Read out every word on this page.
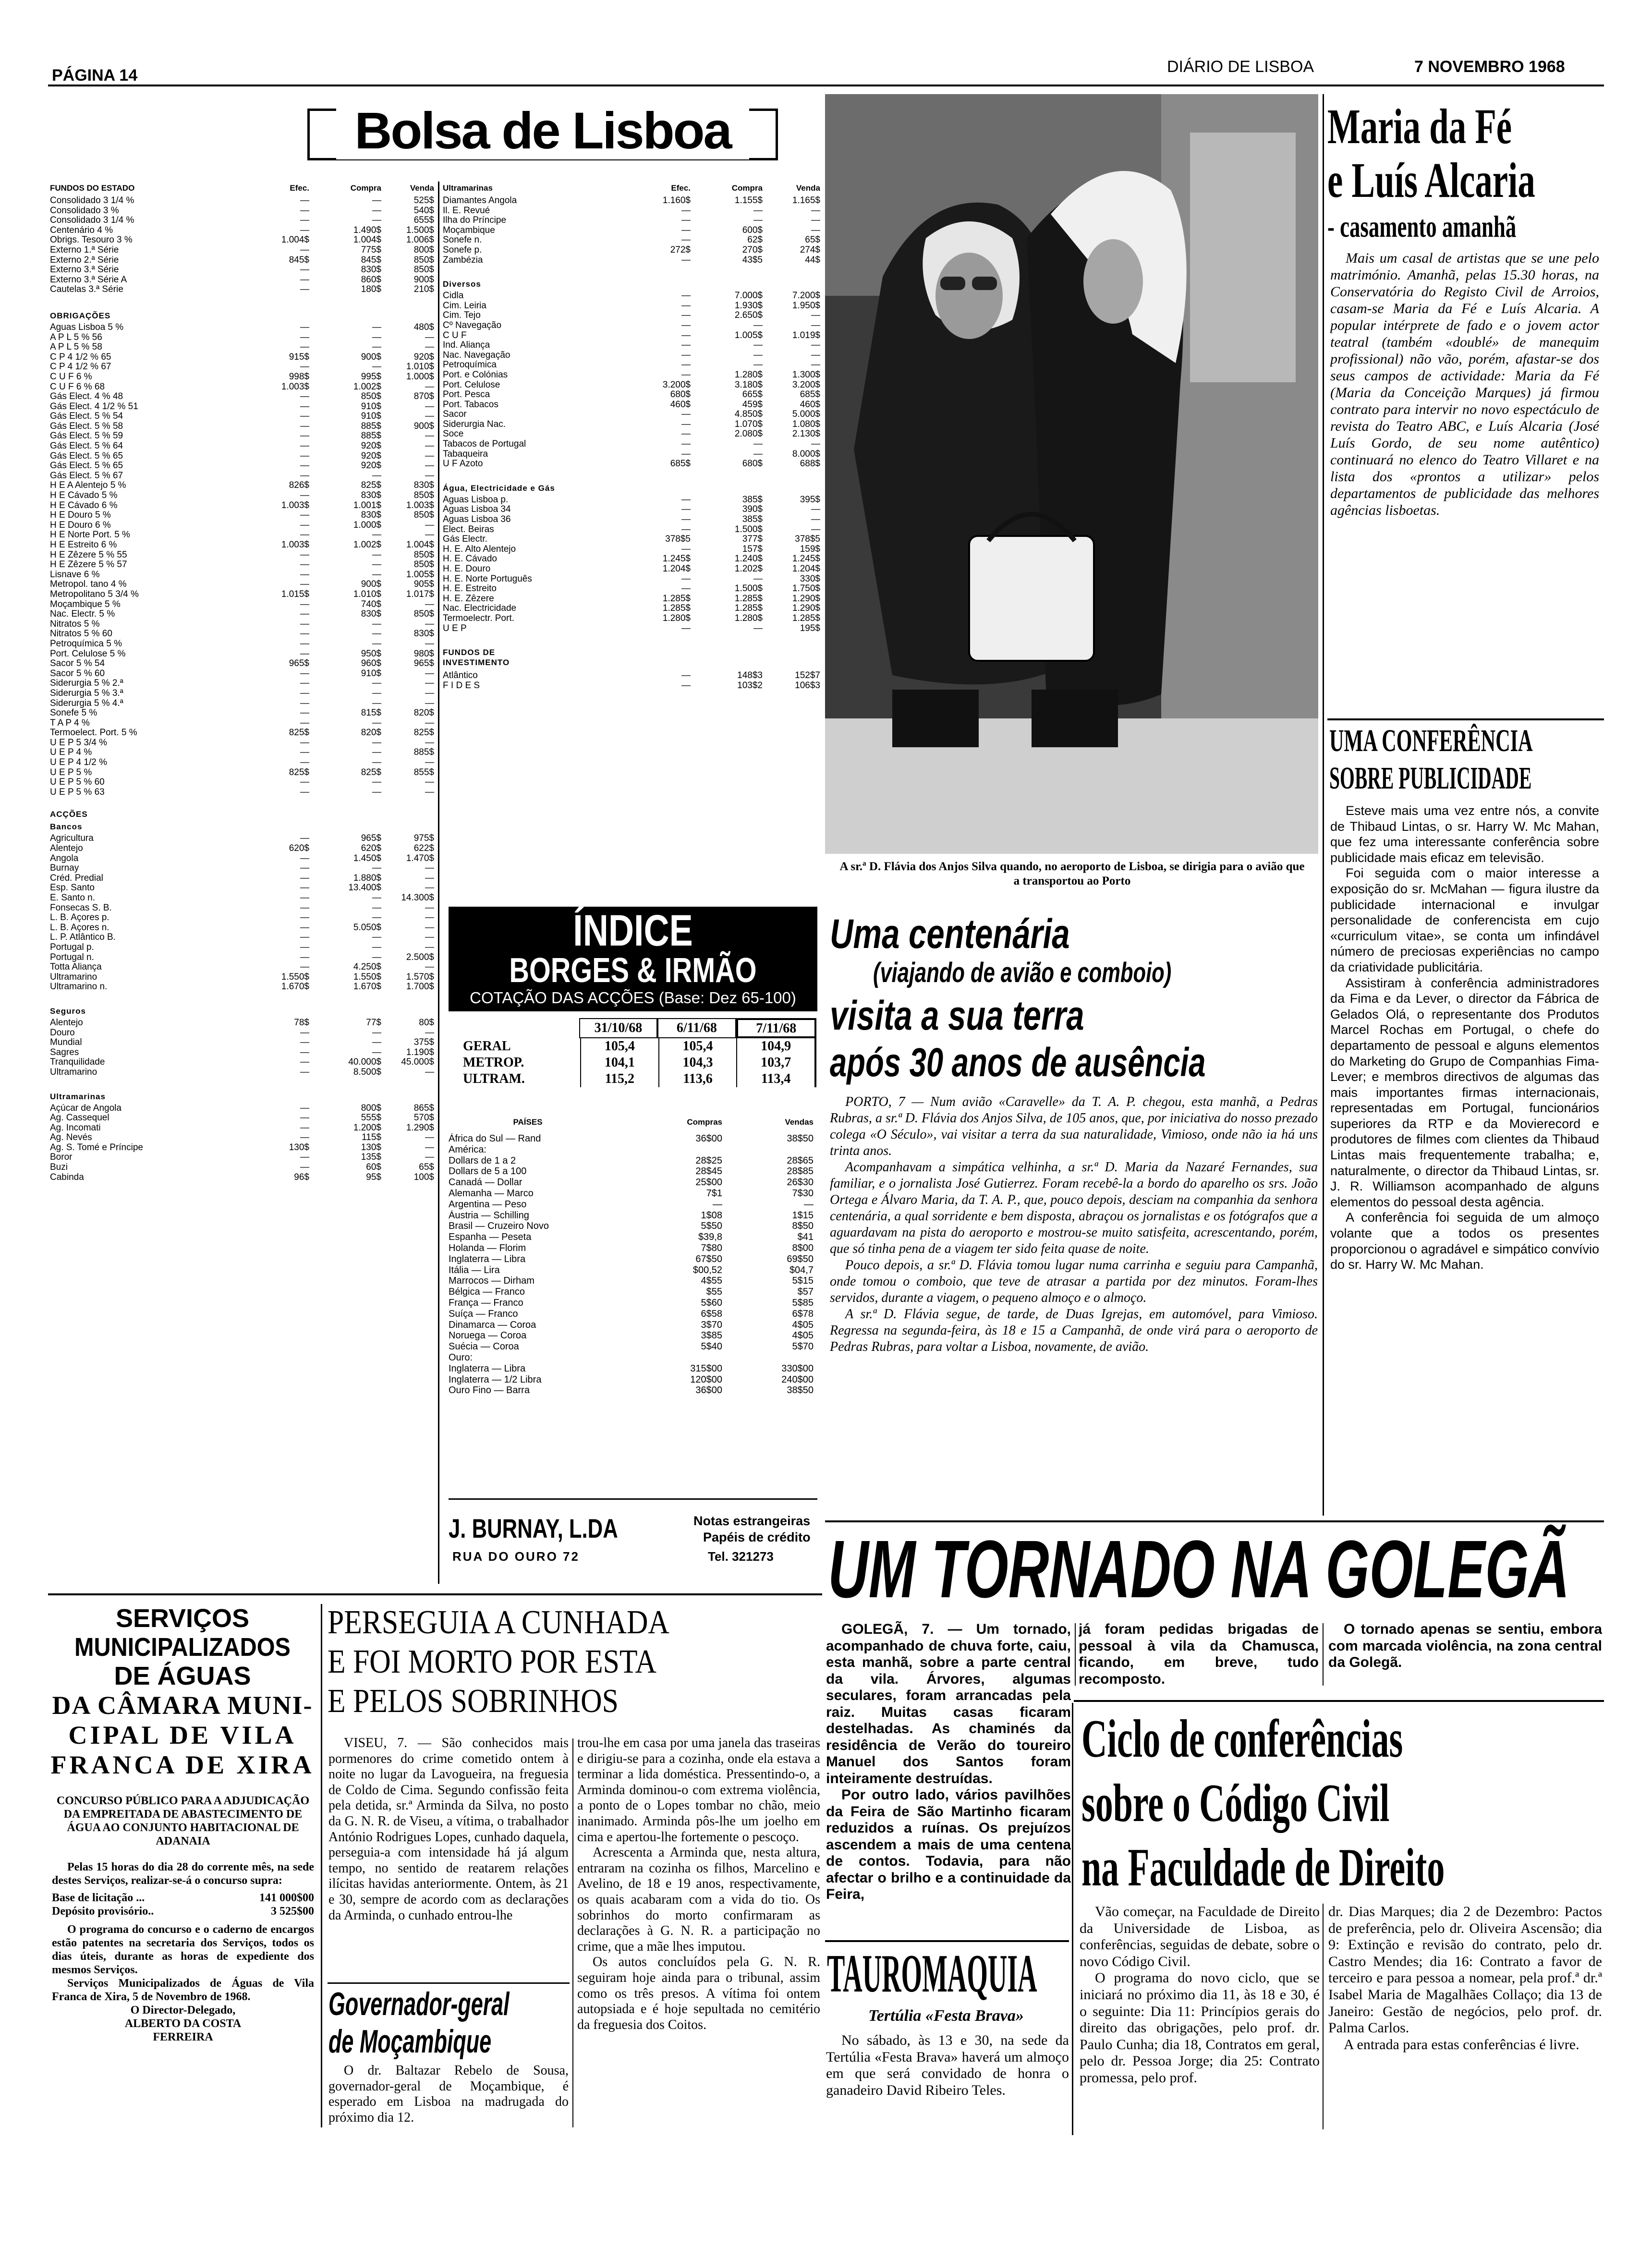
PÁGINA 14	DIÁRIO DE LISBOA	7 NOVEMBRO 1968
Bolsa de Lisboa
FUNDOS DO ESTADO	Efec.	Compra	Venda
Consolidado 3 1/4 %	—	—	525$
Consolidado 3 %	—	—	540$
Consolidado 3 1/4 %	—	—	655$
Centenário 4 %	—	1.490$	1.500$
Obrigs. Tesouro 3 %	1.004$	1.004$	1.006$
Externo 1.ª Série	—	775$	800$
Externo 2.ª Série	845$	845$	850$
Externo 3.ª Série	—	830$	850$
Externo 3.ª Série A	—	860$	900$
Cautelas 3.ª Série	—	180$	210$
OBRIGAÇÕES
Águas Lisboa 5 %	—	—	480$
A P L 5 % 56	—	—	—
A P L 5 % 58	—	—	—
C P 4 1/2 % 65	915$	900$	920$
C P 4 1/2 % 67	—	—	1.010$
C U F 6 %	998$	995$	1.000$
C U F 6 % 68	1.003$	1.002$	—
Gás Elect. 4 % 48	—	850$	870$
Gás Elect. 4 1/2 % 51	—	910$	—
Gás Elect. 5 % 54	—	910$	—
Gás Elect. 5 % 58	—	885$	900$
Gás Elect. 5 % 59	—	885$	—
Gás Elect. 5 % 64	—	920$	—
Gás Elect. 5 % 65	—	920$	—
Gás Elect. 5 % 65	—	920$	—
Gás Elect. 5 % 67	—	—	—
H E A Alentejo 5 %	826$	825$	830$
H E Cávado 5 %	—	830$	850$
H E Cávado 6 %	1.003$	1.001$	1.003$
H E Douro 5 %	—	830$	850$
H E Douro 6 %	—	1.000$	—
H E Norte Port. 5 %	—	—	—
H E Estreito 6 %	1.003$	1.002$	1.004$
H E Zêzere 5 % 55	—	—	850$
H E Zêzere 5 % 57	—	—	850$
Lisnave 6 %	—	—	1.005$
Metropol. tano 4 %	—	900$	905$
Metropolitano 5 3/4 %	1.015$	1.010$	1.017$
Moçambique 5 %	—	740$	—
Nac. Electr. 5 %	—	830$	850$
Nitratos 5 %	—	—	—
Nitratos 5 % 60	—	—	830$
Petroquímica 5 %	—	—	—
Port. Celulose 5 %	—	950$	980$
Sacor 5 % 54	965$	960$	965$
Sacor 5 % 60	—	910$	—
Siderurgia 5 % 2.ª	—	—	—
Siderurgia 5 % 3.ª	—	—	—
Siderurgia 5 % 4.ª	—	—	—
Sonefe 5 %	—	815$	820$
T A P 4 %	—	—	—
Termoelect. Port. 5 %	825$	820$	825$
U E P 5 3/4 %	—	—	—
U E P 4 %	—	—	885$
U E P 4 1/2 %	—	—	—
U E P 5 %	825$	825$	855$
U E P 5 % 60	—	—	—
U E P 5 % 63	—	—	—
ACÇÕES
Bancos
Agricultura	—	965$	975$
Alentejo	620$	620$	622$
Angola	—	1.450$	1.470$
Burnay	—	—	—
Créd. Predial	—	1.880$	—
Esp. Santo	—	13.400$	—
E. Santo n.	—	—	14.300$
Fonsecas S. B.	—	—	—
L. B. Açores p.	—	—	—
L. B. Açores n.	—	5.050$	—
L. P. Atlântico B.	—	—	—
Portugal p.	—	—	—
Portugal n.	—	—	2.500$
Totta Aliança	—	4.250$	—
Ultramarino	1.550$	1.550$	1.570$
Ultramarino n.	1.670$	1.670$	1.700$
Seguros
Alentejo	78$	77$	80$
Douro	—	—	—
Mundial	—	—	375$
Sagres	—	—	1.190$
Tranquilidade	—	40.000$	45.000$
Ultramarino	—	8.500$	—
Ultramarinas
Açúcar de Angola	—	800$	865$
Ag. Cassequel	—	555$	570$
Ag. Incomati	—	1.200$	1.290$
Ag. Nevés	—	115$	—
Ag. S. Tomé e Príncipe	130$	130$	—
Boror	—	135$	—
Buzi	—	60$	65$
Cabinda	96$	95$	100$
Ultramarinas	Efec.	Compra	Venda
Diamantes Angola	1.160$	1.155$	1.165$
Il. E. Revué	—	—	—
Ilha do Príncipe	—	—	—
Moçambique	—	600$	—
Sonefe n.	—	62$	65$
Sonefe p.	272$	270$	274$
Zambézia	—	43$5	44$
Diversos
Cidla	—	7.000$	7.200$
Cim. Leiria	—	1.930$	1.950$
Cim. Tejo	—	2.650$	—
Cº Navegação	—	—	—
C U F	—	1.005$	1.019$
Ind. Aliança	—	—	—
Nac. Navegação	—	—	—
Petroquímica	—	—	—
Port. e Colónias	—	1.280$	1.300$
Port. Celulose	3.200$	3.180$	3.200$
Port. Pesca	680$	665$	685$
Port. Tabacos	460$	459$	460$
Sacor	—	4.850$	5.000$
Siderurgia Nac.	—	1.070$	1.080$
Soce	—	2.080$	2.130$
Tabacos de Portugal	—	—	—
Tabaqueira	—	—	8.000$
U F Azoto	685$	680$	688$
Água, Electricidade e Gás
Águas Lisboa p.	—	385$	395$
Águas Lisboa 34	—	390$	—
Águas Lisboa 36	—	385$	—
Elect. Beiras	—	1.500$	—
Gás Electr.	378$5	377$	378$5
H. E. Alto Alentejo	—	157$	159$
H. E. Cávado	1.245$	1.240$	1.245$
H. E. Douro	1.204$	1.202$	1.204$
H. E. Norte Português	—	—	330$
H. E. Estreito	—	1.500$	1.750$
H. E. Zêzere	1.285$	1.285$	1.290$
Nac. Electricidade	1.285$	1.285$	1.290$
Termoelectr. Port.	1.280$	1.280$	1.285$
U E P	—	—	195$
FUNDOS DE INVESTIMENTO
Atlântico	—	148$3	152$7
F I D E S	—	103$2	106$3
ÍNDICE
BORGES & IRMÃO
COTAÇÃO DAS ACÇÕES (Base: Dez 65-100)
31/10/68	6/11/68	7/11/68
GERAL	105,4	105,4	104,9
METROP.	104,1	104,3	103,7
ULTRAM.	115,2	113,6	113,4
PAÍSES	Compras	Vendas
África do Sul — Rand	36$00	38$50
América:
Dollars de 1 a 2	28$25	28$65
Dollars de 5 a 100	28$45	28$85
Canadá — Dollar	25$00	26$30
Alemanha — Marco	7$1	7$30
Argentina — Peso	—	—
Áustria — Schilling	1$08	1$15
Brasil — Cruzeiro Novo	5$50	8$50
Espanha — Peseta	$39,8	$41
Holanda — Florim	7$80	8$00
Inglaterra — Libra	67$50	69$50
Itália — Lira	$00,52	$04,7
Marrocos — Dirham	4$55	5$15
Bélgica — Franco	$55	$57
França — Franco	5$60	5$85
Suíça — Franco	6$58	6$78
Dinamarca — Coroa	3$70	4$05
Noruega — Coroa	3$85	4$05
Suécia — Coroa	5$40	5$70
Ouro:
Inglaterra — Libra	315$00	330$00
Inglaterra — 1/2 Libra	120$00	240$00
Ouro Fino — Barra	36$00	38$50
J. BURNAY, L.DA
RUA DO OURO 72
Notas estrangeiras
Papéis de crédito
Tel. 321273
A sr.ª D. Flávia dos Anjos Silva quando, no aeroporto de Lisboa, se dirigia para o avião que a transportou ao Porto
Uma centenária
(viajando de avião e comboio)
visita a sua terra
após 30 anos de ausência

PORTO, 7 — Num avião «Caravelle» da T. A. P. chegou, esta manhã, a Pedras Rubras, a sr.ª D. Flávia dos Anjos Silva, de 105 anos, que, por iniciativa do nosso prezado colega «O Século», vai visitar a terra da sua naturalidade, Vimioso, onde não ia há uns trinta anos.

Acompanhavam a simpática velhinha, a sr.ª D. Maria da Nazaré Fernandes, sua familiar, e o jornalista José Gutierrez. Foram recebê-la a bordo do aparelho os srs. João Ortega e Álvaro Maria, da T. A. P., que, pouco depois, desciam na companhia da senhora centenária, a qual sorridente e bem disposta, abraçou os jornalistas e os fotógrafos que a aguardavam na pista do aeroporto e mostrou-se muito satisfeita, acrescentando, porém, que só tinha pena de a viagem ter sido feita quase de noite.

Pouco depois, a sr.ª D. Flávia tomou lugar numa carrinha e seguiu para Campanhã, onde tomou o comboio, que teve de atrasar a partida por dez minutos. Foram-lhes servidos, durante a viagem, o pequeno almoço e o almoço.

A sr.ª D. Flávia segue, de tarde, de Duas Igrejas, em automóvel, para Vimioso. Regressa na segunda-feira, às 18 e 15 a Campanhã, de onde virá para o aeroporto de Pedras Rubras, para voltar a Lisboa, novamente, de avião.

Maria da Fé
e Luís Alcaria
- casamento amanhã

Mais um casal de artistas que se une pelo matrimónio. Amanhã, pelas 15.30 horas, na Conservatória do Registo Civil de Arroios, casam-se Maria da Fé e Luís Alcaria. A popular intérprete de fado e o jovem actor teatral (também «doublé» de manequim profissional) não vão, porém, afastar-se dos seus campos de actividade: Maria da Fé (Maria da Conceição Marques) já firmou contrato para intervir no novo espectáculo de revista do Teatro ABC, e Luís Alcaria (José Luís Gordo, de seu nome autêntico) continuará no elenco do Teatro Villaret e na lista dos «prontos a utilizar» pelos departamentos de publicidade das melhores agências lisboetas.

UMA CONFERÊNCIA
SOBRE PUBLICIDADE

Esteve mais uma vez entre nós, a convite de Thibaud Lintas, o sr. Harry W. Mc Mahan, que fez uma interessante conferência sobre publicidade mais eficaz em televisão.

Foi seguida com o maior interesse a exposição do sr. McMahan — figura ilustre da publicidade internacional e invulgar personalidade de conferencista em cujo «curriculum vitae», se conta um infindável número de preciosas experiências no campo da criatividade publicitária.

Assistiram à conferência administradores da Fima e da Lever, o director da Fábrica de Gelados Olá, o representante dos Produtos Marcel Rochas em Portugal, o chefe do departamento de pessoal e alguns elementos do Marketing do Grupo de Companhias Fima-Lever; e membros directivos de algumas das mais importantes firmas internacionais, representadas em Portugal, funcionários superiores da RTP e da Movierecord e produtores de filmes com clientes da Thibaud Lintas mais frequentemente trabalha; e, naturalmente, o director da Thibaud Lintas, sr. J. R. Williamson acompanhado de alguns elementos do pessoal desta agência.

A conferência foi seguida de um almoço volante que a todos os presentes proporcionou o agradável e simpático convívio do sr. Harry W. Mc Mahan.

UM TORNADO NA GOLEGÃ

GOLEGÃ, 7. — Um tornado, acompanhado de chuva forte, caiu, esta manhã, sobre a parte central da vila. Árvores, algumas seculares, foram arrancadas pela raiz. Muitas casas ficaram destelhadas. As chaminés da residência de Verão do toureiro Manuel dos Santos foram inteiramente destruídas.

Por outro lado, vários pavilhões da Feira de São Martinho ficaram reduzidos a ruínas. Os prejuízos ascendem a mais de uma centena de contos. Todavia, para não afectar o brilho e a continuidade da Feira,

já foram pedidas brigadas de pessoal à vila da Chamusca, ficando, em breve, tudo recomposto.

O tornado apenas se sentiu, embora com marcada violência, na zona central da Golegã.

TAUROMAQUIA
Tertúlia «Festa Brava»

No sábado, às 13 e 30, na sede da Tertúlia «Festa Brava» haverá um almoço em que será convidado de honra o ganadeiro David Ribeiro Teles.

Ciclo de conferências
sobre o Código Civil
na Faculdade de Direito

Vão começar, na Faculdade de Direito da Universidade de Lisboa, as conferências, seguidas de debate, sobre o novo Código Civil.

O programa do novo ciclo, que se iniciará no próximo dia 11, às 18 e 30, é o seguinte: Dia 11: Princípios gerais do direito das obrigações, pelo prof. dr. Paulo Cunha; dia 18, Contratos em geral, pelo dr. Pessoa Jorge; dia 25: Contrato promessa, pelo prof.

dr. Dias Marques; dia 2 de Dezembro: Pactos de preferência, pelo dr. Oliveira Ascensão; dia 9: Extinção e revisão do contrato, pelo dr. Castro Mendes; dia 16: Contrato a favor de terceiro e para pessoa a nomear, pela prof.ª dr.ª Isabel Maria de Magalhães Collaço; dia 13 de Janeiro: Gestão de negócios, pelo prof. dr. Palma Carlos.

A entrada para estas conferências é livre.

SERVIÇOS
MUNICIPALIZADOS
DE ÁGUAS
DA CÂMARA MUNI-
CIPAL DE VILA
FRANCA DE XIRA

CONCURSO PÚBLICO PARA A ADJUDICAÇÃO DA EMPREITADA DE ABASTECIMENTO DE ÁGUA AO CONJUNTO HABITACIONAL DE ADANAIA

Pelas 15 horas do dia 28 do corrente mês, na sede destes Serviços, realizar-se-á o concurso supra:

Base de licitação ...	141 000$00
Depósito provisório..	3 525$00

O programa do concurso e o caderno de encargos estão patentes na secretaria dos Serviços, todos os dias úteis, durante as horas de expediente dos mesmos Serviços.

Serviços Municipalizados de Águas de Vila Franca de Xira, 5 de Novembro de 1968.

O Director-Delegado,
ALBERTO DA COSTA
FERREIRA
PERSEGUIA A CUNHADA
E FOI MORTO POR ESTA
E PELOS SOBRINHOS

VISEU, 7. — São conhecidos mais pormenores do crime cometido ontem à noite no lugar da Lavogueira, na freguesia de Coldo de Cima. Segundo confissão feita pela detida, sr.ª Arminda da Silva, no posto da G. N. R. de Viseu, a vítima, o trabalhador António Rodrigues Lopes, cunhado daquela, perseguia-a com intensidade há já algum tempo, no sentido de reatarem relações ilícitas havidas anteriormente. Ontem, às 21 e 30, sempre de acordo com as declarações da Arminda, o cunhado entrou-lhe

trou-lhe em casa por uma janela das traseiras e dirigiu-se para a cozinha, onde ela estava a terminar a lida doméstica. Pressentindo-o, a Arminda dominou-o com extrema violência, a ponto de o Lopes tombar no chão, meio inanimado. Arminda pôs-lhe um joelho em cima e apertou-lhe fortemente o pescoço.

Acrescenta a Arminda que, nesta altura, entraram na cozinha os filhos, Marcelino e Avelino, de 18 e 19 anos, respectivamente, os quais acabaram com a vida do tio. Os sobrinhos do morto confirmaram as declarações à G. N. R. a participação no crime, que a mãe lhes imputou.

Os autos concluídos pela G. N. R. seguiram hoje ainda para o tribunal, assim como os três presos. A vítima foi ontem autopsiada e é hoje sepultada no cemitério da freguesia dos Coitos.

Governador-geral
de Moçambique

O dr. Baltazar Rebelo de Sousa, governador-geral de Moçambique, é esperado em Lisboa na madrugada do próximo dia 12.
